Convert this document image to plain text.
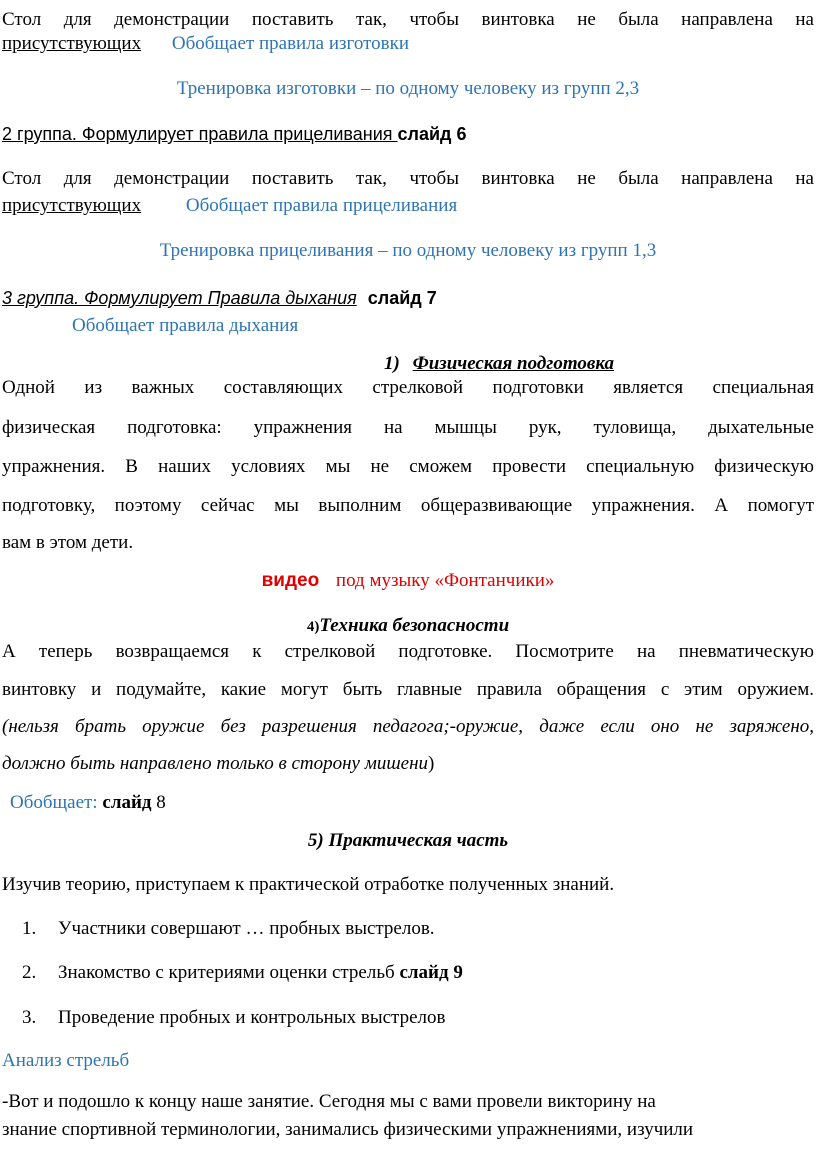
Стол для демонстрации поставить так, чтобы винтовка не была направлена на
присутствующих Обобщает правила изготовки
Тренировка изготовки – по одному человеку из групп 2,3
2 группа. Формулирует правила прицеливания слайд 6
Стол для демонстрации поставить так, чтобы винтовка не была направлена на
присутствующих Обобщает правила прицеливания
Тренировка прицеливания – по одному человеку из групп 1,3
3 группа. Формулирует Правила дыхания слайд 7
Обобщает правила дыхания
1) Физическая подготовка
Одной из важных составляющих стрелковой подготовки является специальная
физическая подготовка: упражнения на мышцы рук, туловища, дыхательные
упражнения. В наших условиях мы не сможем провести специальную физическую
подготовку, поэтому сейчас мы выполним общеразвивающие упражнения. А помогут
вам в этом дети.
видео под музыку «Фонтанчики»
4)Техника безопасности
А теперь возвращаемся к стрелковой подготовке. Посмотрите на пневматическую
винтовку и подумайте, какие могут быть главные правила обращения с этим оружием.
(нельзя брать оружие без разрешения педагога;-оружие, даже если оно не заряжено,
должно быть направлено только в сторону мишени)
Обобщает: слайд 8
5) Практическая часть
Изучив теорию, приступаем к практической отработке полученных знаний.
1. Участники совершают … пробных выстрелов.
2. Знакомство с критериями оценки стрельб слайд 9
3. Проведение пробных и контрольных выстрелов
Анализ стрельб
-Вот и подошло к концу наше занятие. Сегодня мы с вами провели викторину на
знание спортивной терминологии, занимались физическими упражнениями, изучили
